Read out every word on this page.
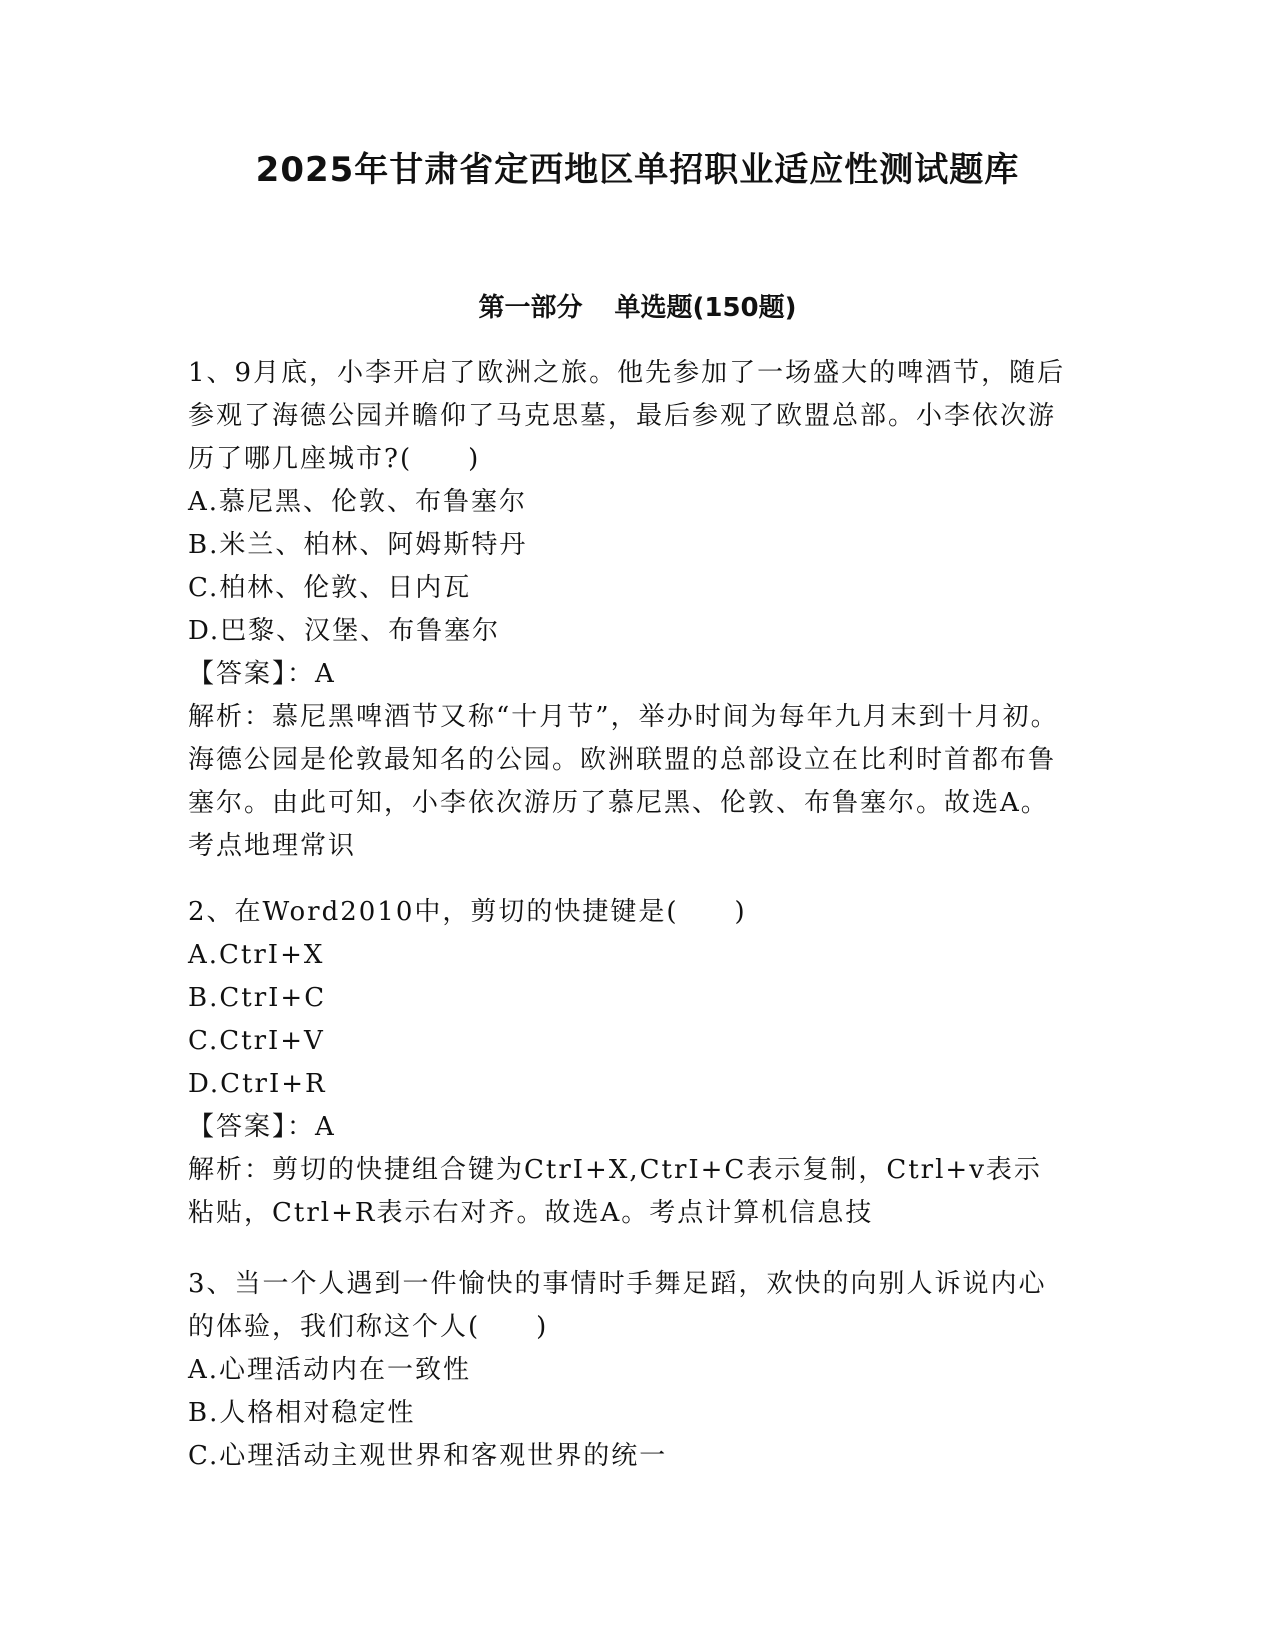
2025年甘肃省定西地区单招职业适应性测试题库
第一部分 单选题(150题)

1、9月底，小李开启了欧洲之旅。他先参加了一场盛大的啤酒节，随后参观了海德公园并瞻仰了马克思墓，最后参观了欧盟总部。小李依次游历了哪几座城市?(　　)

A.慕尼黑、伦敦、布鲁塞尔

B.米兰、柏林、阿姆斯特丹

C.柏林、伦敦、日内瓦

D.巴黎、汉堡、布鲁塞尔

【答案】：A

解析：慕尼黑啤酒节又称“十月节”，举办时间为每年九月末到十月初。海德公园是伦敦最知名的公园。欧洲联盟的总部设立在比利时首都布鲁塞尔。由此可知，小李依次游历了慕尼黑、伦敦、布鲁塞尔。故选A。考点地理常识

2、在Word2010中，剪切的快捷键是(　　)

A.CtrI+X

B.CtrI+C

C.CtrI+V

D.CtrI+R

【答案】：A

解析：剪切的快捷组合键为CtrI+X,CtrI+C表示复制，Ctrl+v表示粘贴，Ctrl+R表示右对齐。故选A。考点计算机信息技

3、当一个人遇到一件愉快的事情时手舞足蹈，欢快的向别人诉说内心的体验，我们称这个人(　　)

A.心理活动内在一致性

B.人格相对稳定性

C.心理活动主观世界和客观世界的统一
